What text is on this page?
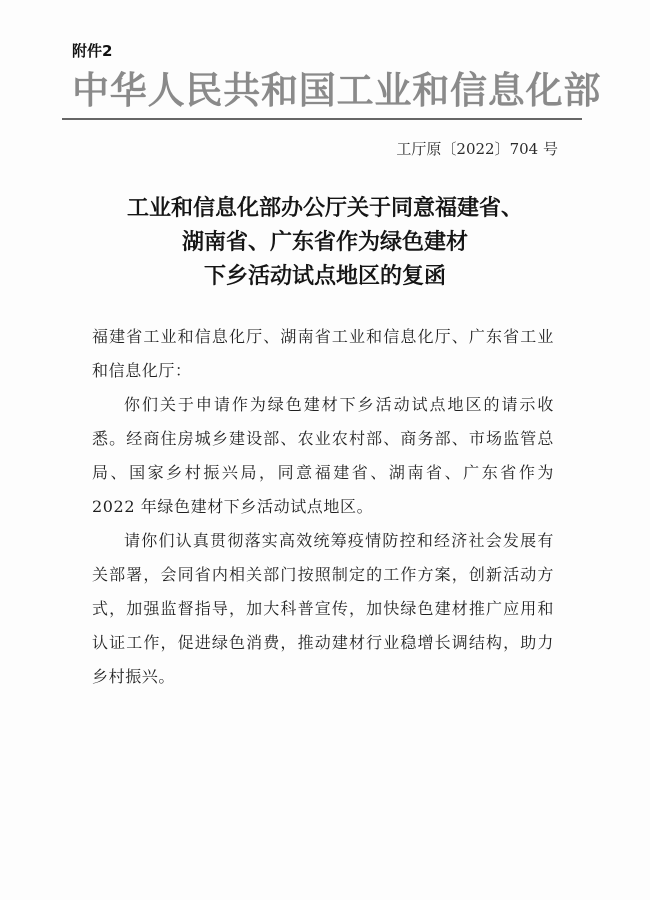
附件2
中华人民共和国工业和信息化部
工厅原〔2022〕704 号
工业和信息化部办公厅关于同意福建省、
湖南省、广东省作为绿色建材
下乡活动试点地区的复函

福建省工业和信息化厅、湖南省工业和信息化厅、广东省工业和信息化厅：

你们关于申请作为绿色建材下乡活动试点地区的请示收悉。经商住房城乡建设部、农业农村部、商务部、市场监管总局、国家乡村振兴局，同意福建省、湖南省、广东省作为 2022 年绿色建材下乡活动试点地区。

请你们认真贯彻落实高效统筹疫情防控和经济社会发展有关部署，会同省内相关部门按照制定的工作方案，创新活动方式，加强监督指导，加大科普宣传，加快绿色建材推广应用和认证工作，促进绿色消费，推动建材行业稳增长调结构，助力乡村振兴。
